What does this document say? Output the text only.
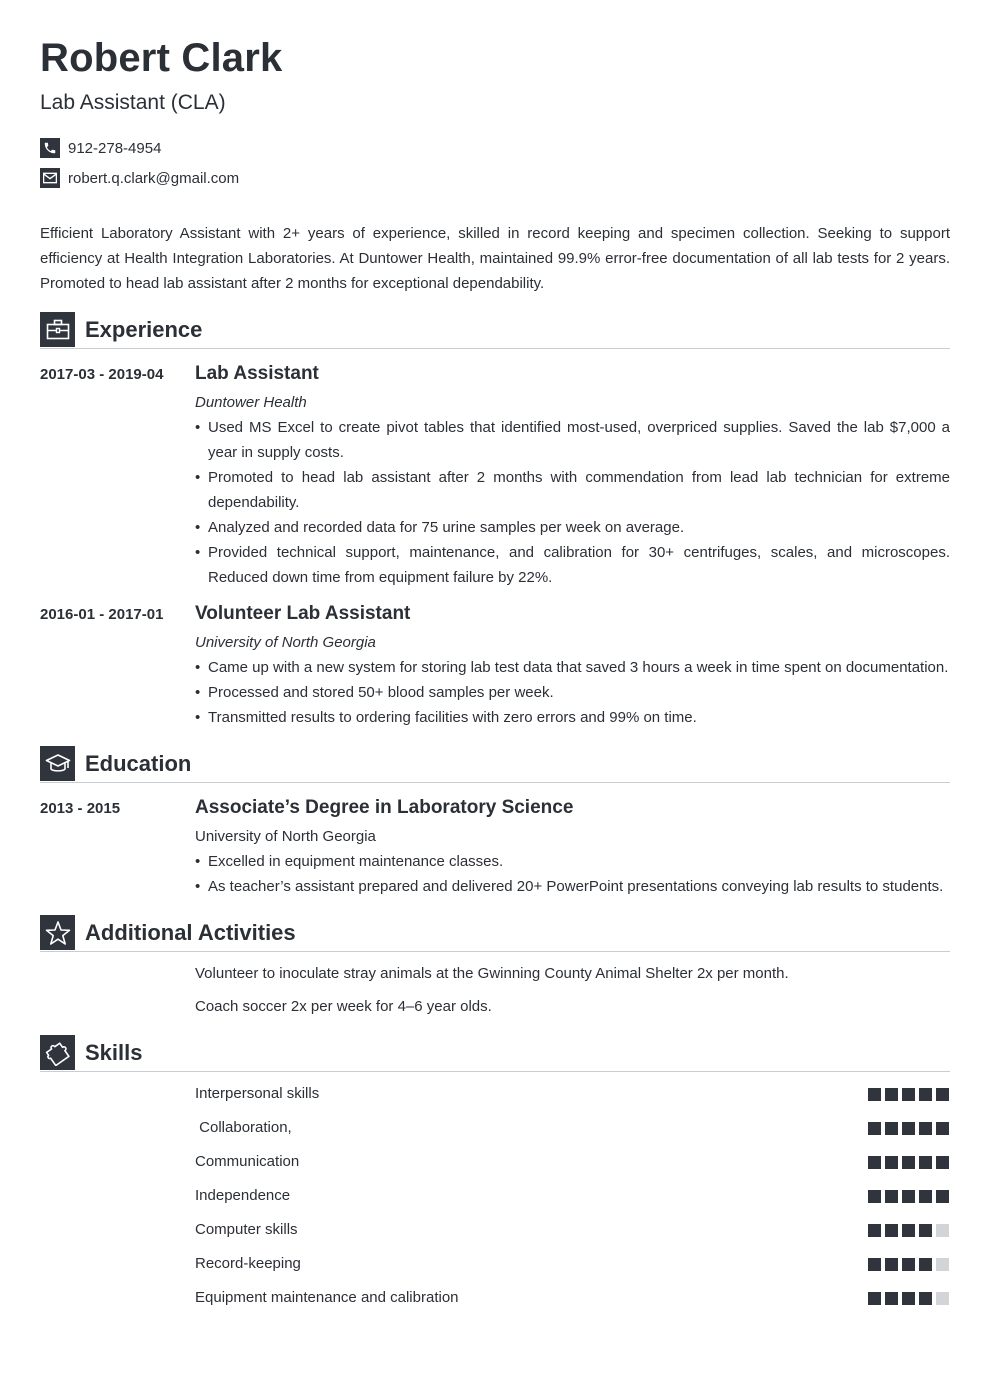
Robert Clark
Lab Assistant (CLA)
912-278-4954
robert.q.clark@gmail.com
Efficient Laboratory Assistant with 2+ years of experience, skilled in record keeping and specimen collection. Seeking to support efficiency at Health Integration Laboratories. At Duntower Health, maintained 99.9% error-free documentation of all lab tests for 2 years. Promoted to head lab assistant after 2 months for exceptional dependability.
Experience
2017-03 - 2019-04 Lab Assistant
Duntower Health
• Used MS Excel to create pivot tables that identified most-used, overpriced supplies. Saved the lab $7,000 a year in supply costs.
• Promoted to head lab assistant after 2 months with commendation from lead lab technician for extreme dependability.
• Analyzed and recorded data for 75 urine samples per week on average.
• Provided technical support, maintenance, and calibration for 30+ centrifuges, scales, and microscopes. Reduced down time from equipment failure by 22%.
2016-01 - 2017-01 Volunteer Lab Assistant
University of North Georgia
• Came up with a new system for storing lab test data that saved 3 hours a week in time spent on documentation.
• Processed and stored 50+ blood samples per week.
• Transmitted results to ordering facilities with zero errors and 99% on time.
Education
2013 - 2015	Associate’s Degree in Laboratory Science
University of North Georgia
• Excelled in equipment maintenance classes.
• As teacher’s assistant prepared and delivered 20+ PowerPoint presentations conveying lab results to students.
Additional Activities
Volunteer to inoculate stray animals at the Gwinning County Animal Shelter 2x per month.
Coach soccer 2x per week for 4–6 year olds.
Skills
Interpersonal skills
Collaboration,
Communication
Independence
Computer skills
Record-keeping
Equipment maintenance and calibration
